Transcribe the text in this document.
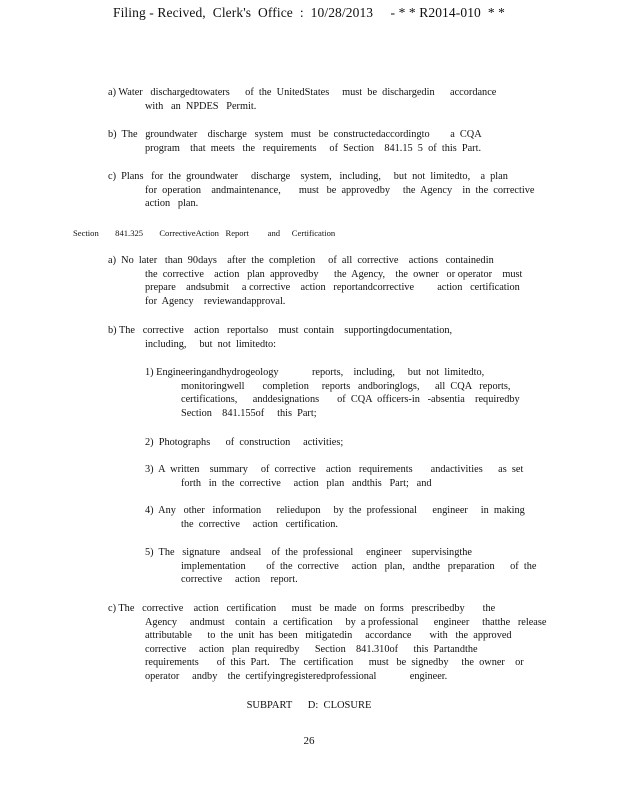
Filing - Recived,  Clerk's  Office  :  10/28/2013     - * * R2014-010  * *
a) Water   dischargedtowaters      of  the  UnitedStates     must  be  dischargedin      accordance
with   an  NPDES   Permit.
b)  The   groundwater    discharge   system   must   be  constructedaccordingto        a  CQA
program    that  meets   the   requirements     of  Section    841.15  5  of  this  Part.
c)  Plans   for  the  groundwater     discharge    system,   including,     but  not  limitedto,    a  plan
for  operation    andmaintenance,       must   be  approvedby     the  Agency    in  the  corrective
action   plan.
Section 841.325 CorrectiveAction Report and Certification
a)  No  later   than  90days    after  the  completion     of  all  corrective    actions   containedin
the  corrective    action   plan  approvedby      the  Agency,    the  owner   or operator    must
prepare    andsubmit     a corrective    action   reportandcorrective         action   certification
for  Agency    reviewandapproval.
b) The   corrective    action   reportalso    must  contain    supportingdocumentation,
including,     but  not  limitedto:
1) Engineeringandhydrogeology             reports,    including,     but  not  limitedto,
monitoringwell       completion     reports   andboringlogs,      all  CQA   reports,
certifications,      anddesignations       of  CQA  officers-in   -absentia    requiredby
Section    841.155of     this  Part;
2)  Photographs      of  construction     activities;
3)  A  written    summary     of  corrective    action   requirements       andactivities      as  set
forth   in  the  corrective     action   plan   andthis   Part;   and
4)  Any   other   information      reliedupon     by  the  professional      engineer     in  making
the  corrective     action   certification.
5)  The   signature    andseal    of  the  professional     engineer    supervisingthe
implementation        of  the  corrective     action   plan,   andthe   preparation      of  the
corrective     action    report.
c) The   corrective    action   certification      must   be  made   on  forms   prescribedby       the
Agency     andmust    contain   a  certification     by  a professional      engineer     thatthe   release
attributable      to  the  unit  has  been   mitigatedin     accordance       with   the  approved
corrective     action   plan  requiredby      Section    841.310of      this  Partandthe
requirements       of  this  Part.    The   certification      must   be  signedby     the  owner    or
operator     andby    the  certifyingregisteredprofessional             engineer.
SUBPART      D:  CLOSURE
26
